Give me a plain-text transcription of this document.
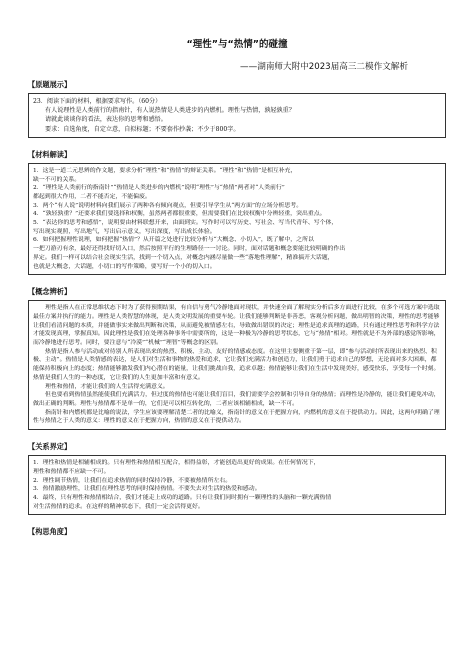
“理性”与“热情”的碰撞
——湖南师大附中2023届高三二模作文解析
【原题展示】

23．阅读下面的材料，根据要求写作。（60分）

有人说理性是人类前行的指南针，有人说热情是人类进步的内燃机。理性与热情，孰轻孰重？

请就此谈谈你的看法，表达你的思考和感悟。

要求：自选角度，自定立意，自拟标题；不要套作抄袭；不少于800字。

【材料解读】

1．这是一道二元思辨的作文题，要求分析“理性”和“热情”的辩证关系。“理性”和“热情”是相互补充，

缺一不可的关系。

2．“理性是人类前行的指南针”“热情是人类进步的内燃机”说明“理性”与“热情”两者对“人类前行”

都起到很大作用，二者不能否定，不能偏废。

3．两个“有人说”说明材料向我们展示了两种各有倾向观点，但要引导学生从“两方面”的立场分析思考。

4．“孰轻孰重？”还要求我们要选择和权衡，虽然两者都很重要，但需要我们在比较权衡中分辨轻重，突出重点。

5．“表达你的思考和感悟”，说明要由材料联想开来，由面到实。写作时可以写历史、写社会、写当代青年、写个体，

写出现实观照，写出地气，写出启示意义，写出深度，写出成长体验。

6．如何把握理性说理，如何把握“热情”？从开篇之处进行比较分析与“大概念、小切入”，既了解中，之所以

一把刀游刃有余，最好还得找好切入口，然后按照平行的生理路径一一讨论。同时，面对话题和概念要能比较明确的作出

界定。我们一样可以结合社会现实生活，找到一个切入点，对概念内涵尽量做一些“落地性理解”，精准搞开大话题，

也就是大概念，大话题，小切口的写作策略，要写好一个小的切入口。

【概念辨析】

理性是指人在正常思维状态下时为了获得预期结果，有自信与勇气冷静地面对现状，并快速全面了解现实分析后多方面进行比较，在多个可选方案中选取最佳方案并执行的能力。理性是人类智慧的体现，是人类文明发展的重要车轮。让我们能够判断是非善恶，客观分析问题，做出明智的决策，理性的思考能够让我们看清问题的本质，并能做事实来做出判断和决策，从而避免被情感左右，导致做出错误的决定；理性是追求真理的道路，只有通过理性思考和科学方法才能发现真理，掌握真知。因此理性是我们在处理各种事务中需要所的，这是一种极为冷静的思考状态，它与“热情”相对。理性就是不为外部的感觉所影响，而冷静地进行思考。同时，要注意与“冷漠”“机械”“理智”等概念的区别。

热情是指人参与活动或对待别人所表现出来的热烈、积极、主动、友好的情感或态度。在这里主要侧重于第一层，即“参与活动时所表现出来的热烈、积极、主动”。热情是人类情感的表达，是人们对生活和事物的热爱和追求，它让我们充满活力和创造力，让我们勇于追求自己的梦想，无论面对多大困难，都能保持积极向上的态度；热情能够激发我们内心潜在的能量，让我们挑战自我，追求卓越；热情能够让我们在生活中发现美好，感受快乐，享受每一个时刻。热情是我们人生的一种态度，它让我们的人生更加丰富和有意义。

理性和热情，才能让我们的人生活得充满意义。

但也要看到热情虽然能使我们充满活力，但过度的热情也可能让我们盲目，我们需要学会控制和引导自身的热情；而理性是冷静的，能让我们避免冲动，做出正确的判断。理性与热情都不是单一的，它们是可以相互转化的，二者应该相辅相成，缺一不可。

指南针和内燃机都是比喻的说法，学生应该要理解清楚二者的比喻义，指南针的意义在于把握方向，内燃机的意义在于提供动力。因此，这两句明确了理性与热情之于人类的意义：理性的意义在于把握方向，热情的意义在于提供动力。

【关系界定】

1．理性和热情是相辅相成的。只有理性和热情相互配合，相得益彰，才能创造出更好的成果。在任何情况下，

理性和热情都不应缺一不可。

2．理性调节热情，让我们在追求热情的同时保持冷静，不要被热情所左右。

3．热情激励理性，让我们在理性思考的同时保持热情。不要失去对生活的热爱和感动。

4．最终，只有理性和热情相结合，我们才能走上成功的道路。只有让我们同时拥有一颗理性的头脑和一颗充满热情

对生活热情的追求。在这样的精神状态下，我们一定会活得更好。

【构思角度】
